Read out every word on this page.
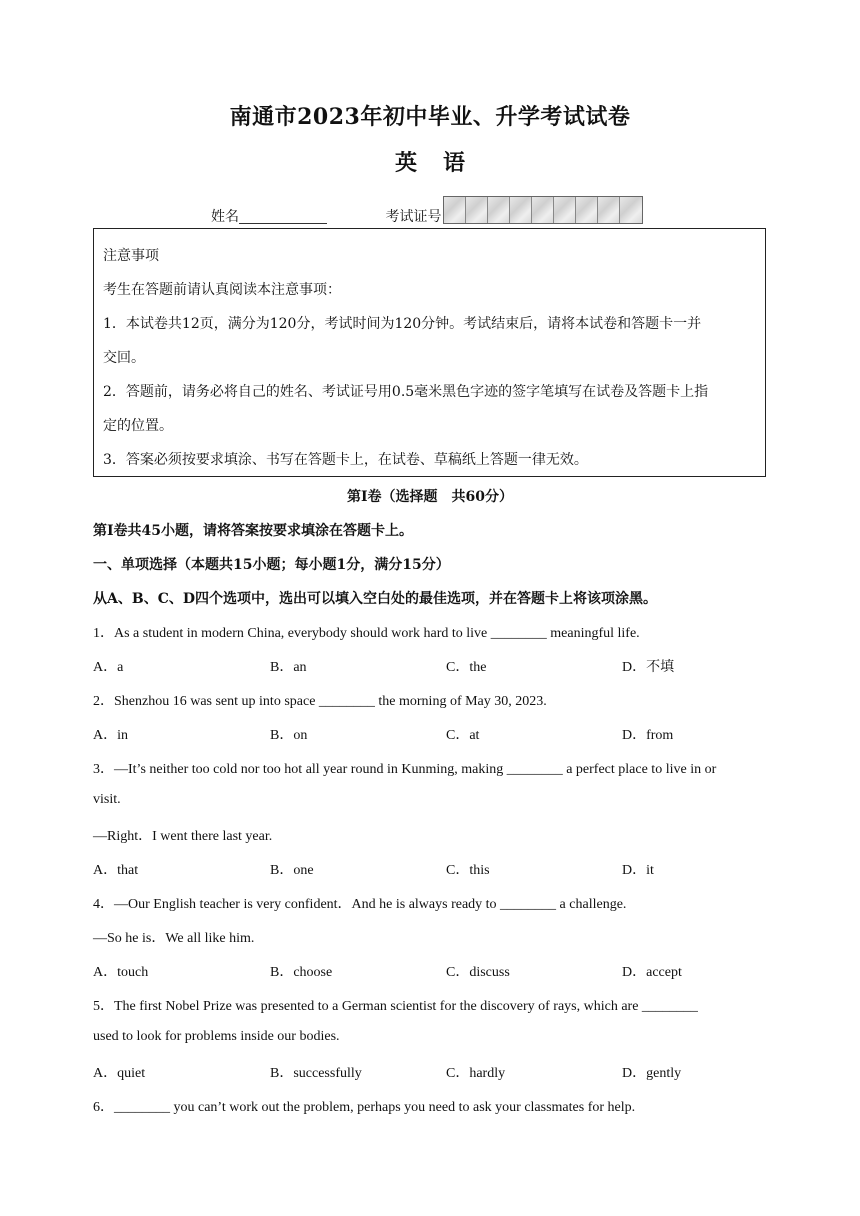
南通市2023年初中毕业、升学考试试卷
英 语
姓名	考试证号

注意事项

考生在答题前请认真阅读本注意事项：

1．本试卷共12页，满分为120分，考试时间为120分钟。考试结束后，请将本试卷和答题卡一并

交回。

2．答题前，请务必将自己的姓名、考试证号用0.5毫米黑色字迹的签字笔填写在试卷及答题卡上指

定的位置。

3．答案必须按要求填涂、书写在答题卡上，在试卷、草稿纸上答题一律无效。

第Ⅰ卷（选择题　共60分）
第Ⅰ卷共45小题，请将答案按要求填涂在答题卡上。
一、单项选择（本题共15小题；每小题1分，满分15分）
从A、B、C、D四个选项中，选出可以填入空白处的最佳选项，并在答题卡上将该项涂黑。
1．As a student in modern China, everybody should work hard to live ________ meaningful life.
A．a	B．an	C．the	D．不填
2．Shenzhou 16 was sent up into space ________ the morning of May 30, 2023.
A．in	B．on	C．at	D．from
3．—It’s neither too cold nor too hot all year round in Kunming, making ________ a perfect place to live in or
visit.
—Right．I went there last year.
A．that	B．one	C．this	D．it
4．—Our English teacher is very confident．And he is always ready to ________ a challenge.
—So he is．We all like him.
A．touch	B．choose	C．discuss	D．accept
5．The first Nobel Prize was presented to a German scientist for the discovery of rays, which are ________
used to look for problems inside our bodies.
A．quiet	B．successfully	C．hardly	D．gently
6．________ you can’t work out the problem, perhaps you need to ask your classmates for help.
